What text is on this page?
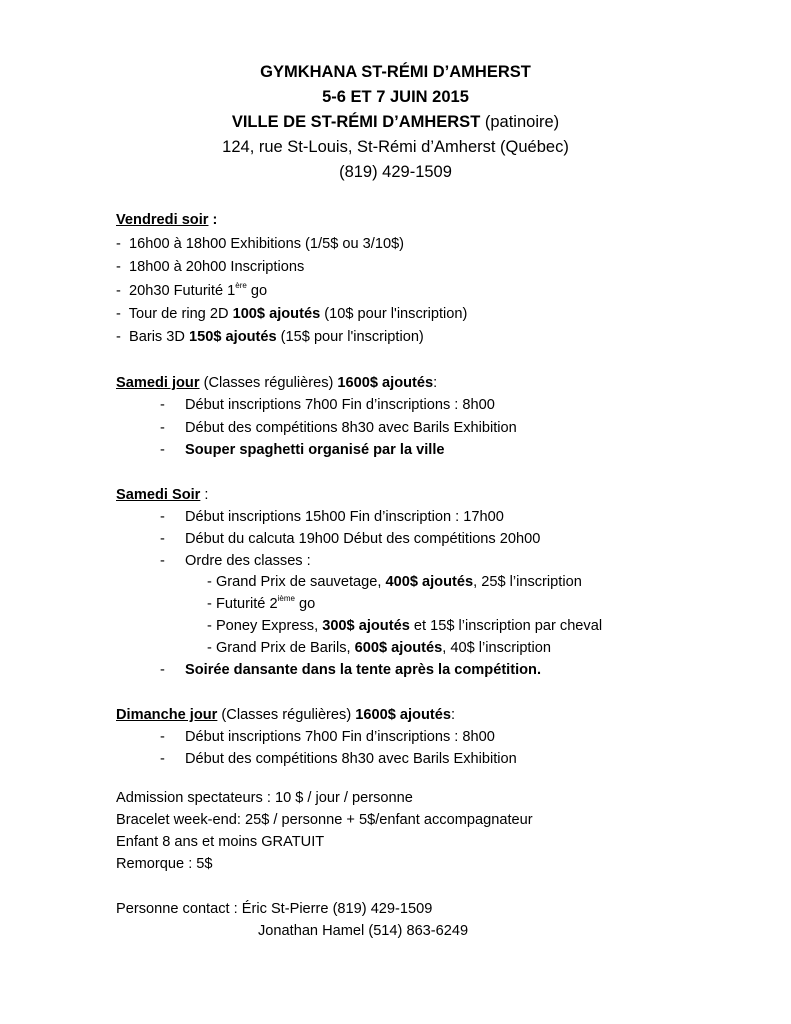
GYMKHANA ST-RÉMI D’AMHERST
5-6 ET 7 JUIN 2015
VILLE DE ST-RÉMI D’AMHERST (patinoire)
124, rue St-Louis, St-Rémi d’Amherst (Québec)
(819) 429-1509
Vendredi soir :
- 16h00 à 18h00 Exhibitions (1/5$ ou 3/10$)
- 18h00 à 20h00 Inscriptions
- 20h30 Futurité 1ère go
- Tour de ring 2D 100$ ajoutés (10$ pour l'inscription)
- Baris 3D 150$ ajoutés (15$ pour l'inscription)
Samedi jour (Classes régulières) 1600$ ajoutés:
- Début inscriptions 7h00 Fin d’inscriptions : 8h00
- Début des compétitions 8h30 avec Barils Exhibition
- Souper spaghetti organisé par la ville
Samedi Soir :
- Début inscriptions 15h00 Fin d’inscription : 17h00
- Début du calcuta 19h00 Début des compétitions 20h00
- Ordre des classes :
- Grand Prix de sauvetage, 400$ ajoutés, 25$ l’inscription
- Futurité 2ième go
- Poney Express, 300$ ajoutés et 15$ l’inscription par cheval
- Grand Prix de Barils, 600$ ajoutés, 40$ l’inscription
- Soirée dansante dans la tente après la compétition.
Dimanche jour (Classes régulières) 1600$ ajoutés:
- Début inscriptions 7h00 Fin d’inscriptions : 8h00
- Début des compétitions 8h30 avec Barils Exhibition
Admission spectateurs : 10 $ / jour / personne
Bracelet week-end: 25$ / personne + 5$/enfant accompagnateur
Enfant 8 ans et moins GRATUIT
Remorque : 5$
Personne contact : Éric St-Pierre (819) 429-1509
Jonathan Hamel (514) 863-6249
